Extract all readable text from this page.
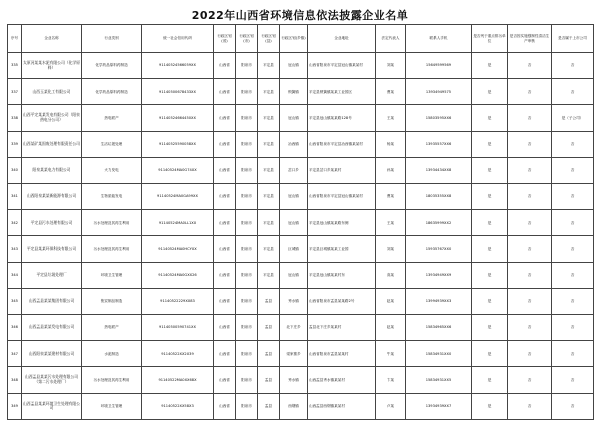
2022年山西省环境信息依法披露企业名单
序号	企业名称	行业类别	统一社会信用代码	行政区划(省)	行政区划(市)	行政区划(县)	行政区划(乡镇)	企业地址	法定代表人	联系人手机	是否列于重点排污单位	是否因实施强制性清洁生产审核	是否属于上市公司
335	太原河某某水泥有限公司（化学原料）	化学药品原料药制造	91140524566059XX	山西省	阳泉市	平定县	冠山镇	山西省阳泉市平定县冠山镇某某村	刘某	15649599569	是	否	否
337	山西玉某化工有限公司	化学药品原料药制造	91140500678433XX	山西省	阳泉市	平定县	锁簧镇	平定县锁簧镇某某工业园区	曹某	13934949575	是	否	否
338	山西平定某某发电有限公司（阳泉热电分公司）	热电联产	91140524664450XX	山西省	阳泉市	平定县	冠山镇	平定县冠山镇某某路128号	王某	15803595XX6	是	否	是（子公司）
339	山西某矿某固废处理有限责任公司	生活垃圾处理	91140525590058XX	山西省	阳泉市	平定县	冶西镇	山西省阳泉市平定县冶西镇某某村	杨某	13935557XX6	是	否	否
340	阳泉某某电力有限公司	火力发电	91140524MA0G74XX	山西省	阳泉市	平定县	岔口乡	平定县岔口乡某某村	孙某	13934434XX8	是	否	否
341	山西阳泉某某新能源有限公司	生物质能发电	91140524MA0GA99XX	山西省	阳泉市	平定县	冠山镇	山西省阳泉市平定县冠山镇某某村	曹某	18035355XX8	是	否	否
342	平定县污水处理有限公司	污水处理及其再生利用	91140524MA0LL1XX	山西省	阳泉市	平定县	冠山镇	平定县冠山镇某某路东侧	王某	18635999XX2	是	否	否
343	平定县某某环保科技有限公司	污水处理及其再生利用	91140524MA0HCYXX	山西省	阳泉市	平定县	巨城镇	平定县巨城镇某某工业园	刘某	15935767XX0	是	否	否
344	平定县垃圾处理厂	环境卫生管理	91140524MA0GXX26	山西省	阳泉市	平定县	冠山镇	平定县冠山镇某某村东	高某	13934949XX9	是	否	否
345	山西盂县某某集团有限公司	焦炭制品制造	91140522229XX83	山西省	阳泉市	盂县	秀水镇	山西省阳泉市盂县某某路2号	赵某	13994939XX3	是	否	否
346	山西盂县某某发电有限公司	热电联产	91140500590741XX	山西省	阳泉市	盂县	北下庄乡	盂县北下庄乡某某村	赵某	15834965XX6	是	否	否
347	山西阳泉某某建材有限公司	水泥制造	91140522XX2X39	山西省	阳泉市	盂县	梁家寨乡	山西省阳泉市盂县某某村	牛某	15834931XX0	是	否	否
348	山西盂县某某污水处理有限公司（第二污水处理厂）	污水处理及其再生利用	91140522MA0XX68X	山西省	阳泉市	盂县	秀水镇	山西盂县秀水镇某某村	卞某	15834931XX5	是	否	否
349	山西盂县某某环境卫生处理有限公司	环境卫生管理	91140522XX58X3	山西省	阳泉市	盂县	西烟镇	山西盂县西烟镇某某村	卢某	13934939XX7	是	否	否
